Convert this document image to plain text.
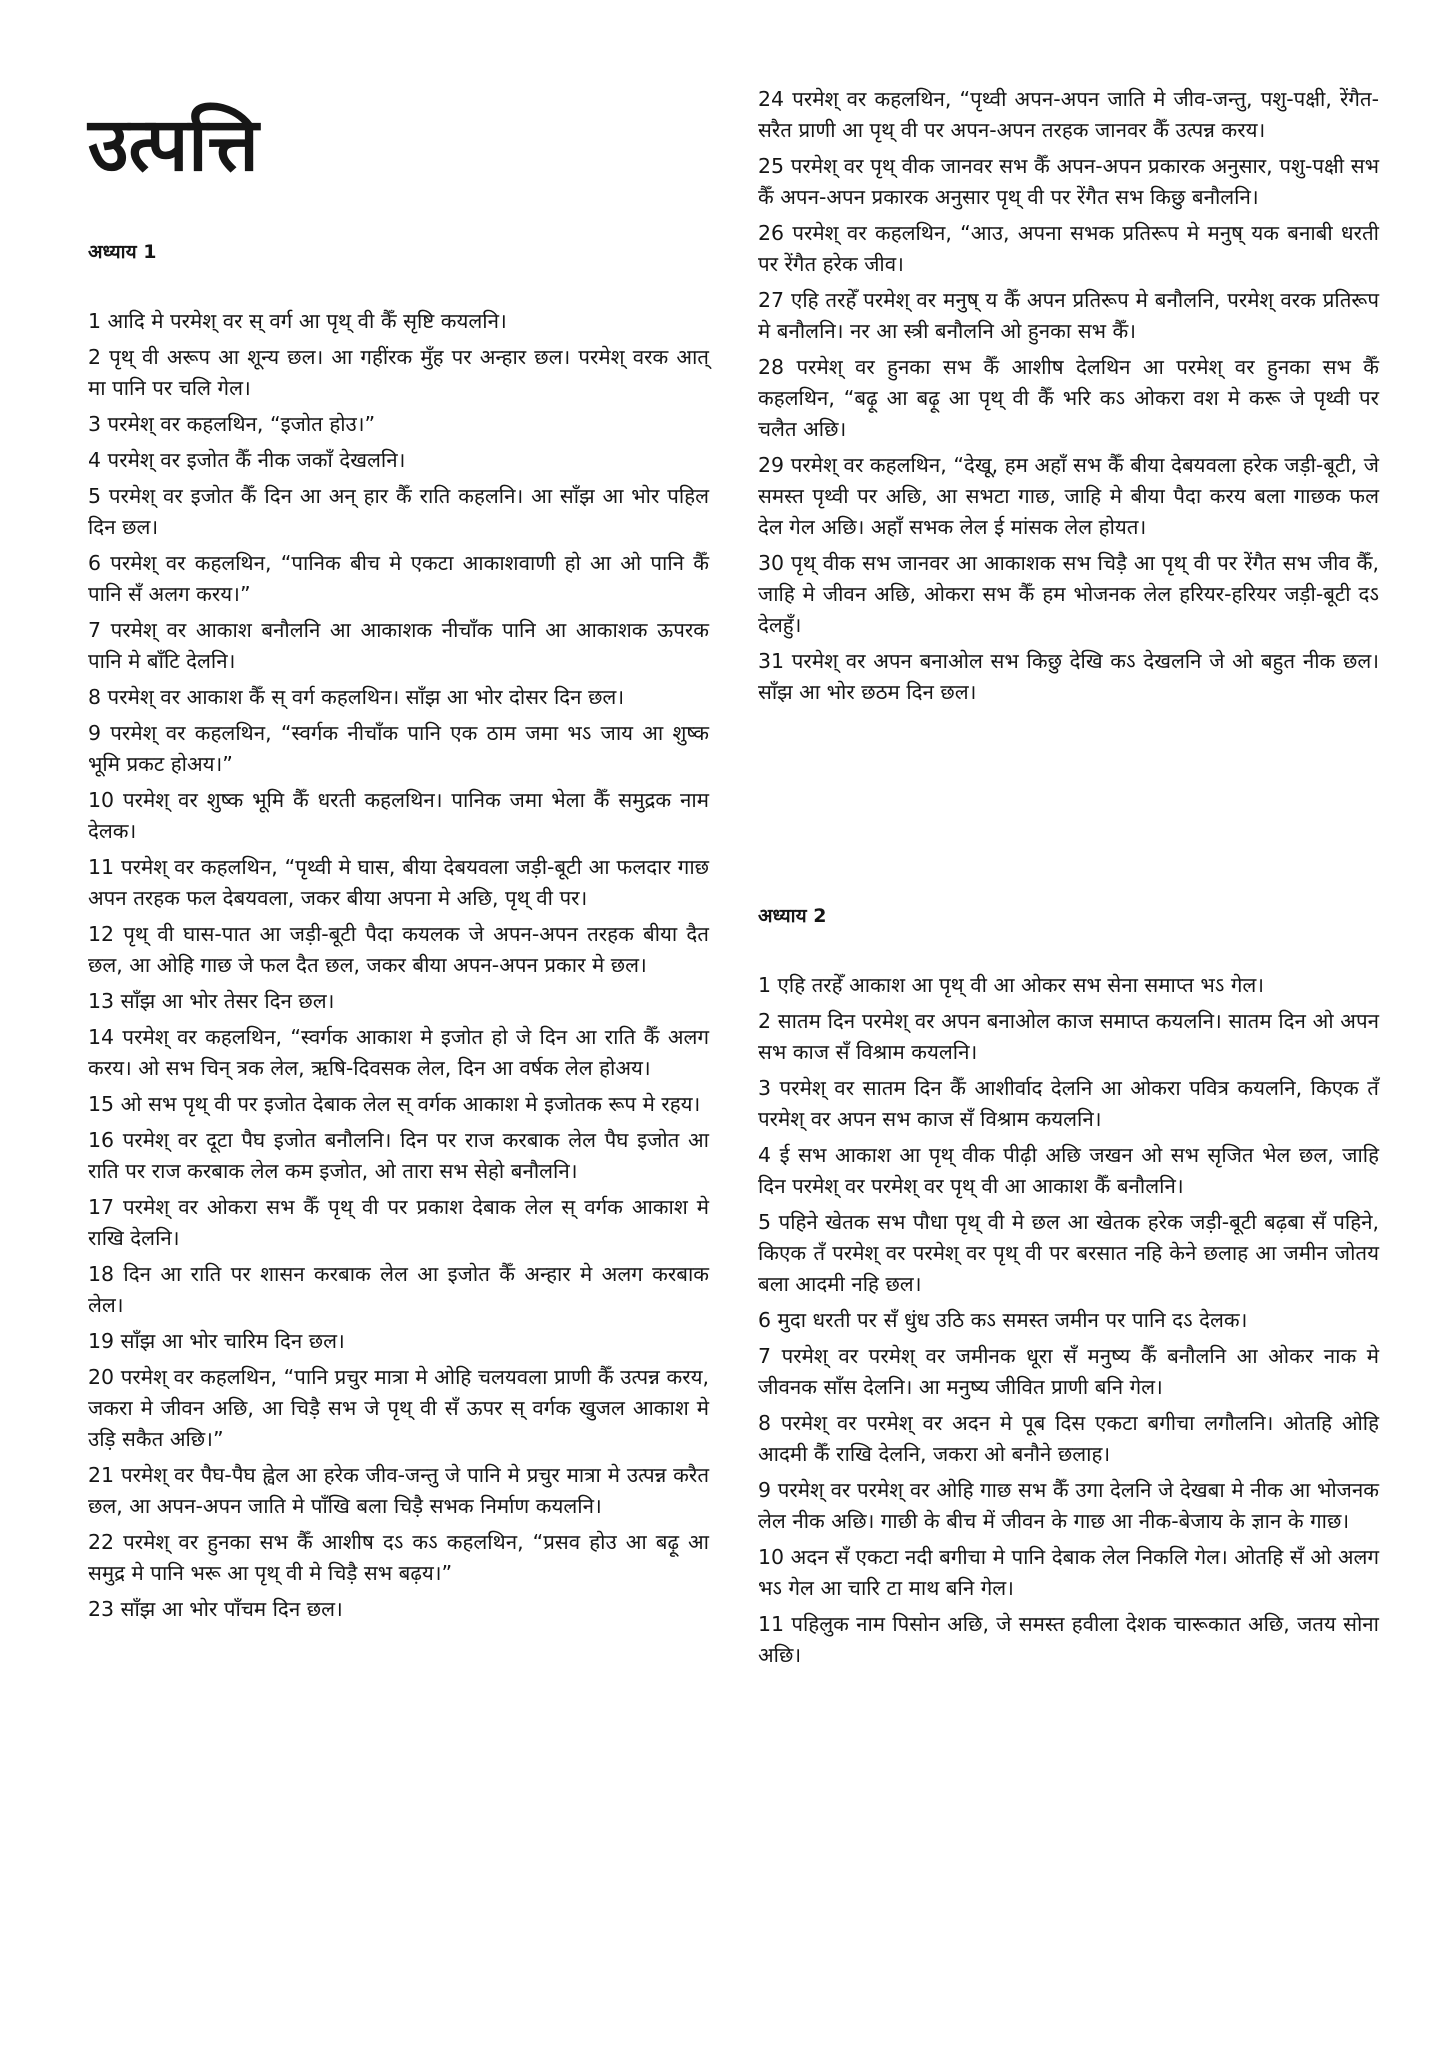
उत्पत्ति
अध्याय 1

1 आदि मे परमेश् वर स् वर्ग आ पृथ् वी कैँ सृष्टि कयलनि।

2 पृथ् वी अरूप आ शून्य छल। आ गहींरक मुँह पर अन्हार छल। परमेश् वरक आत् मा पानि पर चलि गेल।

3 परमेश् वर कहलथिन, “इजोत होउ।”

4 परमेश् वर इजोत कैँ नीक जकाँ देखलनि।

5 परमेश् वर इजोत कैँ दिन आ अन् हार कैँ राति कहलनि। आ साँझ आ भोर पहिल दिन छल।

6 परमेश् वर कहलथिन, “पानिक बीच मे एकटा आकाशवाणी हो आ ओ पानि कैँ पानि सँ अलग करय।”

7 परमेश् वर आकाश बनौलनि आ आकाशक नीचाँक पानि आ आकाशक ऊपरक पानि मे बाँटि देलनि।

8 परमेश् वर आकाश कैँ स् वर्ग कहलथिन। साँझ आ भोर दोसर दिन छल।

9 परमेश् वर कहलथिन, “स्वर्गक नीचाँक पानि एक ठाम जमा भऽ जाय आ शुष्क भूमि प्रकट होअय।”

10 परमेश् वर शुष्क भूमि कैँ धरती कहलथिन। पानिक जमा भेला कैँ समुद्रक नाम देलक।

11 परमेश् वर कहलथिन, “पृथ्वी मे घास, बीया देबयवला जड़ी-बूटी आ फलदार गाछ अपन तरहक फल देबयवला, जकर बीया अपना मे अछि, पृथ् वी पर।

12 पृथ् वी घास-पात आ जड़ी-बूटी पैदा कयलक जे अपन-अपन तरहक बीया दैत छल, आ ओहि गाछ जे फल दैत छल, जकर बीया अपन-अपन प्रकार मे छल।

13 साँझ आ भोर तेसर दिन छल।

14 परमेश् वर कहलथिन, “स्वर्गक आकाश मे इजोत हो जे दिन आ राति कैँ अलग करय। ओ सभ चिन् त्रक लेल, ऋषि-दिवसक लेल, दिन आ वर्षक लेल होअय।

15 ओ सभ पृथ् वी पर इजोत देबाक लेल स् वर्गक आकाश मे इजोतक रूप मे रहय।

16 परमेश् वर दूटा पैघ इजोत बनौलनि। दिन पर राज करबाक लेल पैघ इजोत आ राति पर राज करबाक लेल कम इजोत, ओ तारा सभ सेहो बनौलनि।

17 परमेश् वर ओकरा सभ कैँ पृथ् वी पर प्रकाश देबाक लेल स् वर्गक आकाश मे राखि देलनि।

18 दिन आ राति पर शासन करबाक लेल आ इजोत कैँ अन्हार मे अलग करबाक लेल।

19 साँझ आ भोर चारिम दिन छल।

20 परमेश् वर कहलथिन, “पानि प्रचुर मात्रा मे ओहि चलयवला प्राणी कैँ उत्पन्न करय, जकरा मे जीवन अछि, आ चिड़ै सभ जे पृथ् वी सँ ऊपर स् वर्गक खुजल आकाश मे उड़ि सकैत अछि।”

21 परमेश् वर पैघ-पैघ ह्वेल आ हरेक जीव-जन्तु जे पानि मे प्रचुर मात्रा मे उत्पन्न करैत छल, आ अपन-अपन जाति मे पाँखि बला चिड़ै सभक निर्माण कयलनि।

22 परमेश् वर हुनका सभ कैँ आशीष दऽ कऽ कहलथिन, “प्रसव होउ आ बढ़ू आ समुद्र मे पानि भरू आ पृथ् वी मे चिड़ै सभ बढ़य।”

23 साँझ आ भोर पाँचम दिन छल।

24 परमेश् वर कहलथिन, “पृथ्वी अपन-अपन जाति मे जीव-जन्तु, पशु-पक्षी, रेंगैत-सरैत प्राणी आ पृथ् वी पर अपन-अपन तरहक जानवर कैँ उत्पन्न करय।

25 परमेश् वर पृथ् वीक जानवर सभ कैँ अपन-अपन प्रकारक अनुसार, पशु-पक्षी सभ कैँ अपन-अपन प्रकारक अनुसार पृथ् वी पर रेंगैत सभ किछु बनौलनि।

26 परमेश् वर कहलथिन, “आउ, अपना सभक प्रतिरूप मे मनुष् यक बनाबी धरती पर रेंगैत हरेक जीव।

27 एहि तरहेँ परमेश् वर मनुष् य कैँ अपन प्रतिरूप मे बनौलनि, परमेश् वरक प्रतिरूप मे बनौलनि। नर आ स्त्री बनौलनि ओ हुनका सभ कैँ।

28 परमेश् वर हुनका सभ कैँ आशीष देलथिन आ परमेश् वर हुनका सभ कैँ कहलथिन, “बढ़ू आ बढ़ू आ पृथ् वी कैँ भरि कऽ ओकरा वश मे करू जे पृथ्वी पर चलैत अछि।

29 परमेश् वर कहलथिन, “देखू, हम अहाँ सभ कैँ बीया देबयवला हरेक जड़ी-बूटी, जे समस्त पृथ्वी पर अछि, आ सभटा गाछ, जाहि मे बीया पैदा करय बला गाछक फल देल गेल अछि। अहाँ सभक लेल ई मांसक लेल होयत।

30 पृथ् वीक सभ जानवर आ आकाशक सभ चिड़ै आ पृथ् वी पर रेंगैत सभ जीव कैँ, जाहि मे जीवन अछि, ओकरा सभ कैँ हम भोजनक लेल हरियर-हरियर जड़ी-बूटी दऽ देलहुँ।

31 परमेश् वर अपन बनाओल सभ किछु देखि कऽ देखलनि जे ओ बहुत नीक छल। साँझ आ भोर छठम दिन छल।

अध्याय 2

1 एहि तरहेँ आकाश आ पृथ् वी आ ओकर सभ सेना समाप्त भऽ गेल।

2 सातम दिन परमेश् वर अपन बनाओल काज समाप्त कयलनि। सातम दिन ओ अपन सभ काज सँ विश्राम कयलनि।

3 परमेश् वर सातम दिन कैँ आशीर्वाद देलनि आ ओकरा पवित्र कयलनि, किएक तँ परमेश् वर अपन सभ काज सँ विश्राम कयलनि।

4 ई सभ आकाश आ पृथ् वीक पीढ़ी अछि जखन ओ सभ सृजित भेल छल, जाहि दिन परमेश् वर परमेश् वर पृथ् वी आ आकाश कैँ बनौलनि।

5 पहिने खेतक सभ पौधा पृथ् वी मे छल आ खेतक हरेक जड़ी-बूटी बढ़बा सँ पहिने, किएक तँ परमेश् वर परमेश् वर पृथ् वी पर बरसात नहि केने छलाह आ जमीन जोतय बला आदमी नहि छल।

6 मुदा धरती पर सँ धुंध उठि कऽ समस्त जमीन पर पानि दऽ देलक।

7 परमेश् वर परमेश् वर जमीनक धूरा सँ मनुष्य कैँ बनौलनि आ ओकर नाक मे जीवनक साँस देलनि। आ मनुष्य जीवित प्राणी बनि गेल।

8 परमेश् वर परमेश् वर अदन मे पूब दिस एकटा बगीचा लगौलनि। ओतहि ओहि आदमी कैँ राखि देलनि, जकरा ओ बनौने छलाह।

9 परमेश् वर परमेश् वर ओहि गाछ सभ कैँ उगा देलनि जे देखबा मे नीक आ भोजनक लेल नीक अछि। गाछी के बीच में जीवन के गाछ आ नीक-बेजाय के ज्ञान के गाछ।

10 अदन सँ एकटा नदी बगीचा मे पानि देबाक लेल निकलि गेल। ओतहि सँ ओ अलग भऽ गेल आ चारि टा माथ बनि गेल।

11 पहिलुक नाम पिसोन अछि, जे समस्त हवीला देशक चारूकात अछि, जतय सोना अछि।
